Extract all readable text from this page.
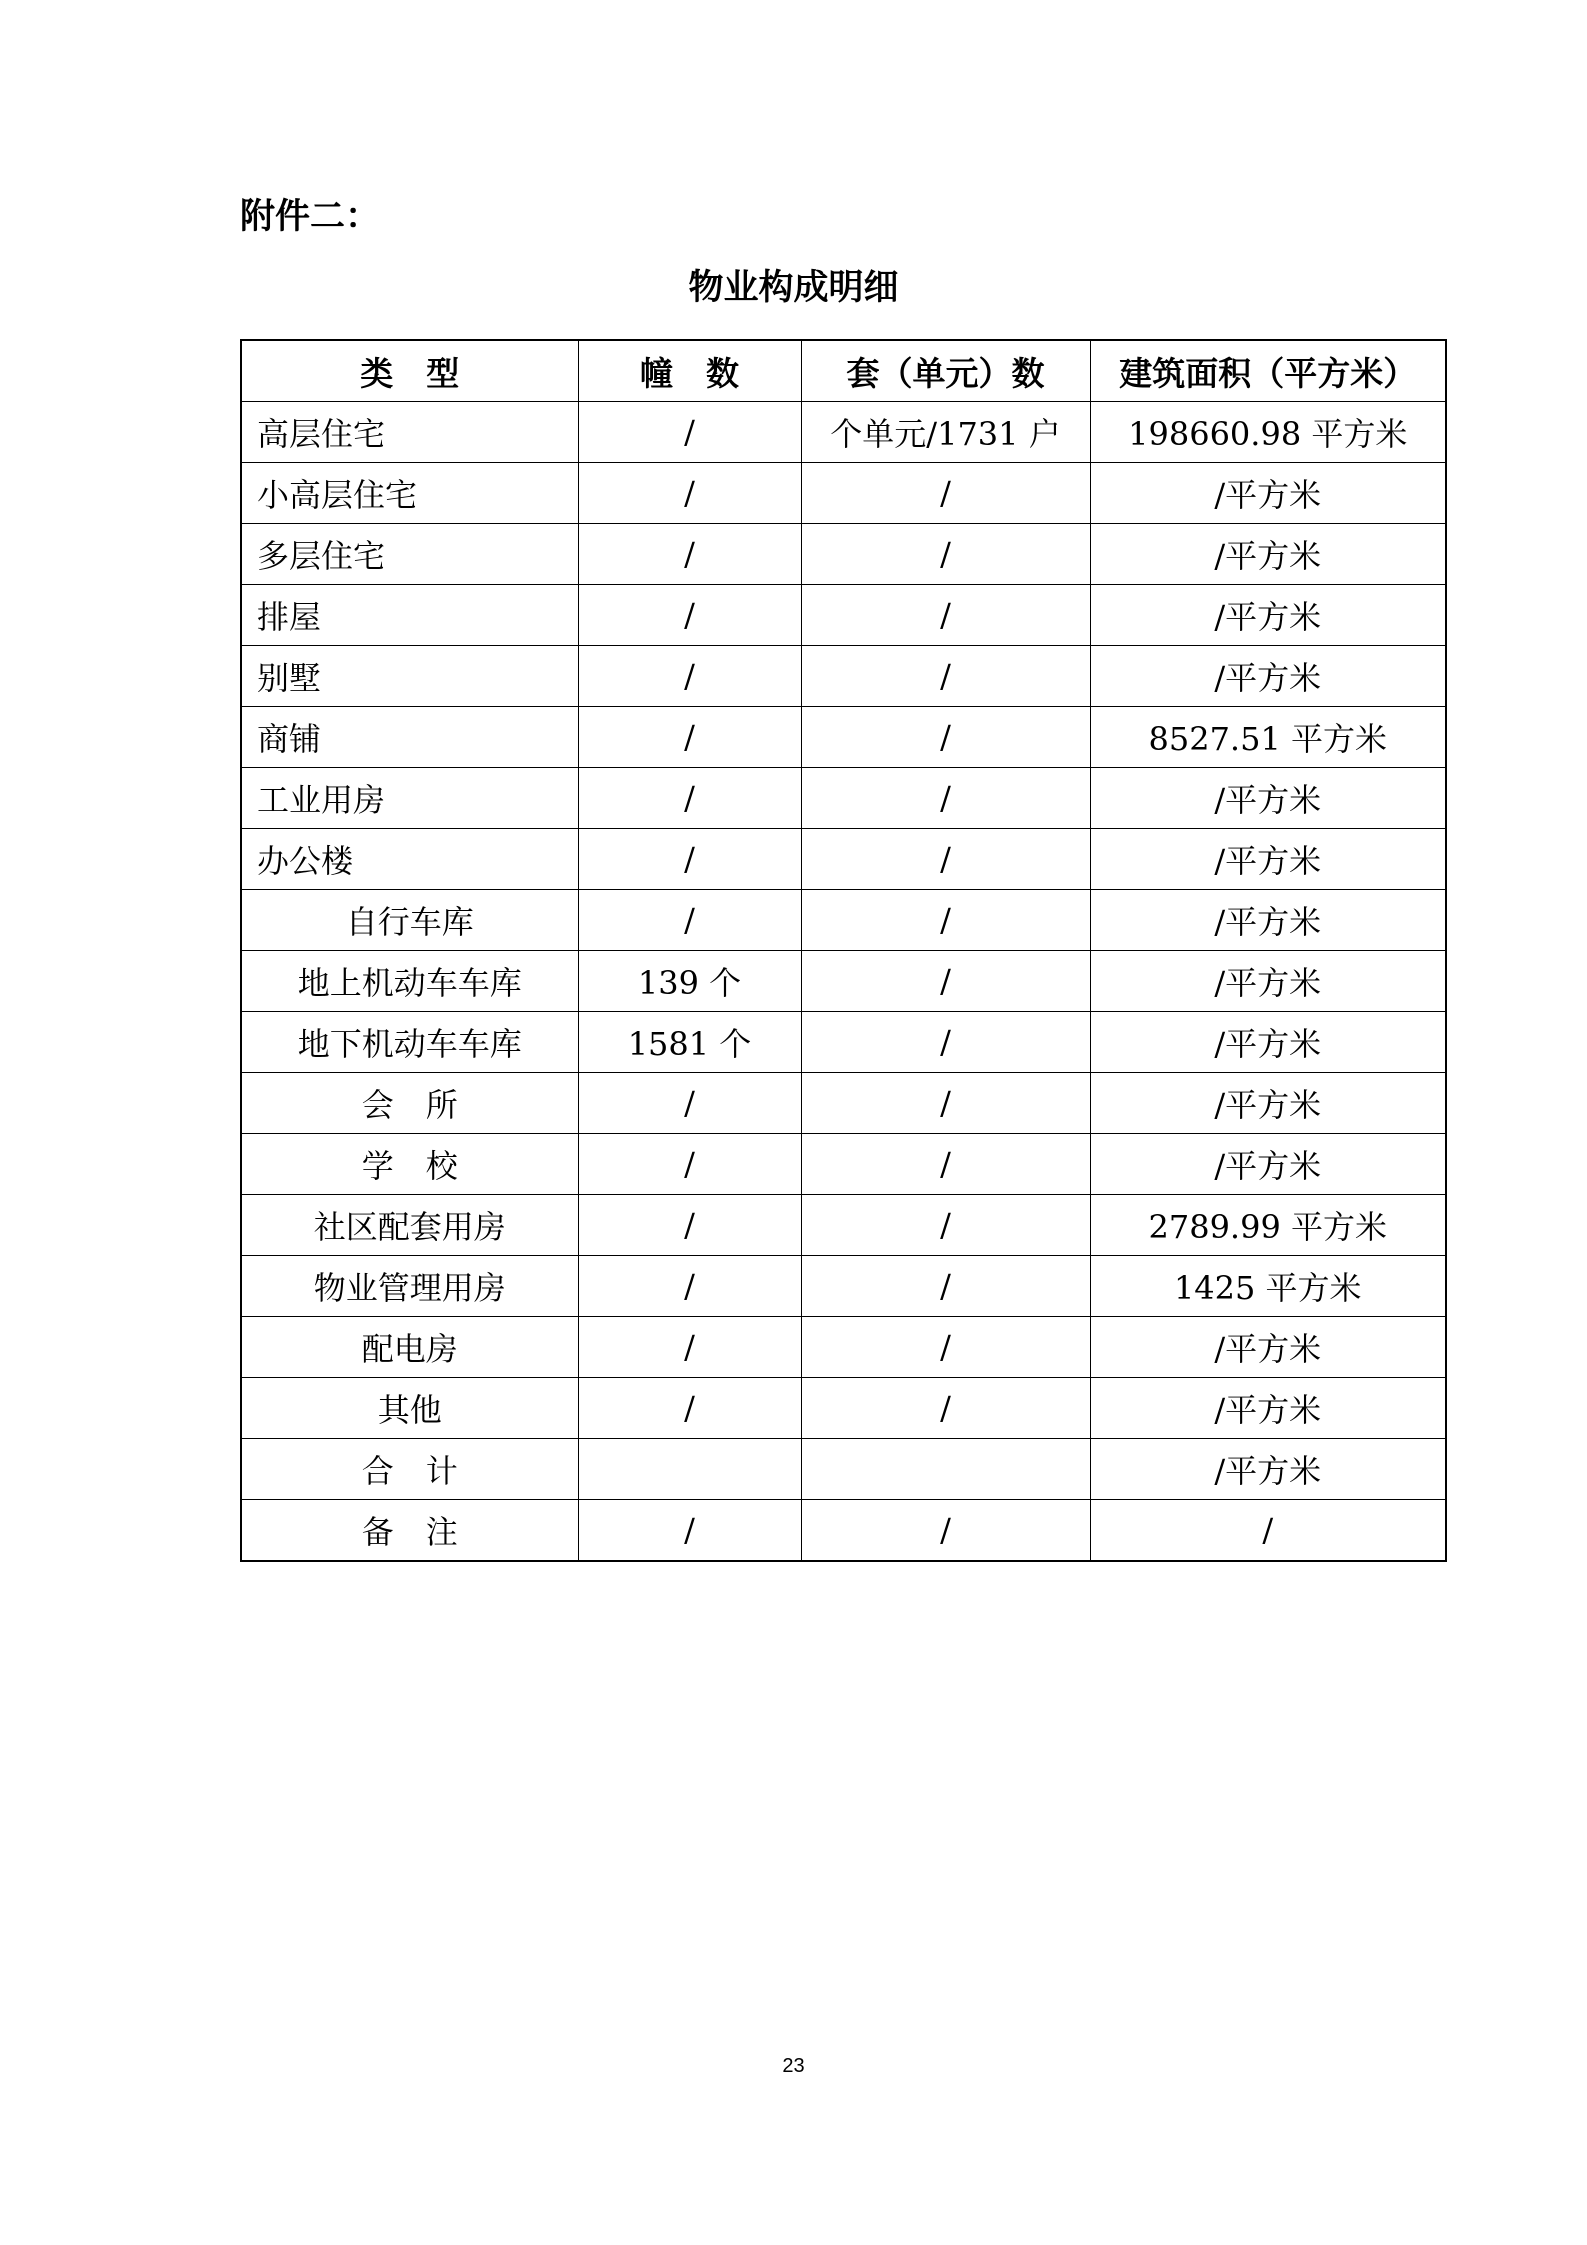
附件二：
物业构成明细
类　型	幢　数	套（单元）数	建筑面积（平方米）
高层住宅	/	个单元/1731 户	198660.98 平方米
小高层住宅	/	/	/平方米
多层住宅	/	/	/平方米
排屋	/	/	/平方米
别墅	/	/	/平方米
商铺	/	/	8527.51 平方米
工业用房	/	/	/平方米
办公楼	/	/	/平方米
自行车库	/	/	/平方米
地上机动车车库	139 个	/	/平方米
地下机动车车库	1581 个	/	/平方米
会　所	/	/	/平方米
学　校	/	/	/平方米
社区配套用房	/	/	2789.99 平方米
物业管理用房	/	/	1425 平方米
配电房	/	/	/平方米
其他	/	/	/平方米
合　计			/平方米
备　注	/	/	/
23
